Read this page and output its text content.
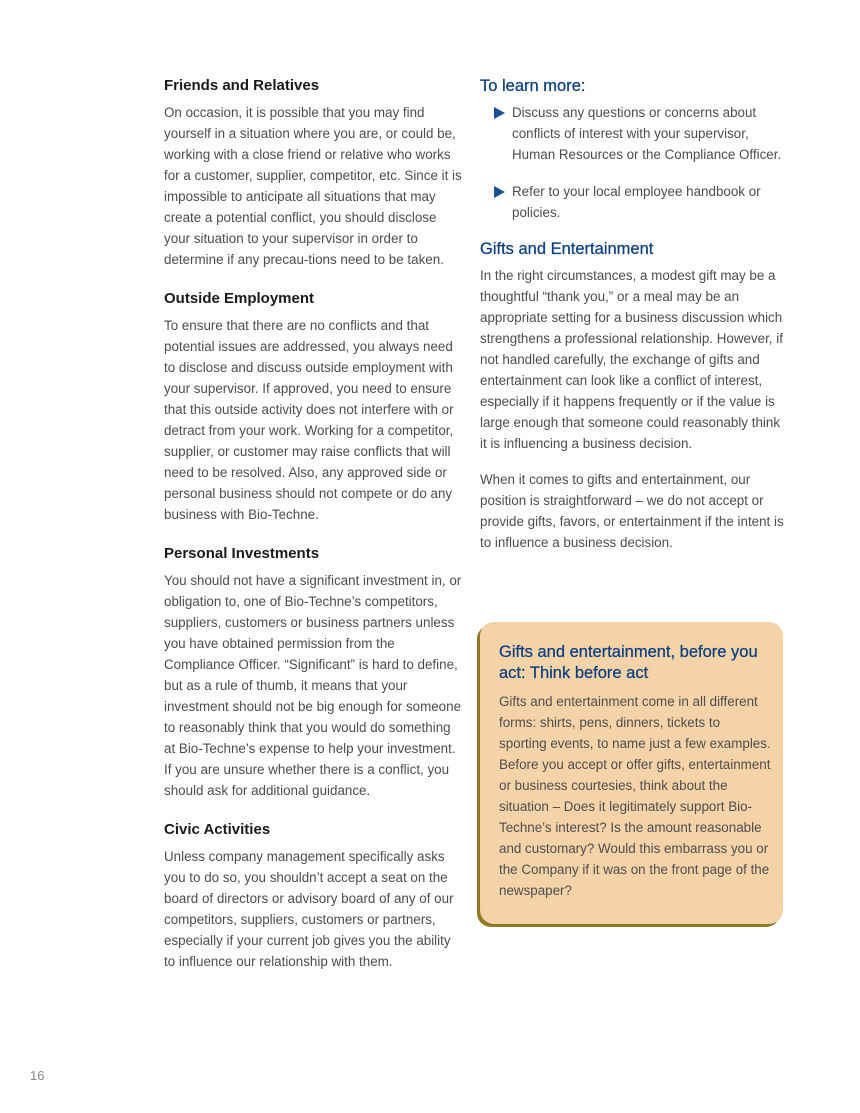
Friends and Relatives

On occasion, it is possible that you may find yourself in a situation where you are, or could be, working with a close friend or relative who works for a customer, supplier, competitor, etc. Since it is impossible to anticipate all situations that may create a potential conflict, you should disclose your situation to your supervisor in order to determine if any precau-tions need to be taken.

Outside Employment

To ensure that there are no conflicts and that potential issues are addressed, you always need to disclose and discuss outside employment with your supervisor. If approved, you need to ensure that this outside activity does not interfere with or detract from your work. Working for a competitor, supplier, or customer may raise conflicts that will need to be resolved. Also, any approved side or personal business should not compete or do any business with Bio-Techne.

Personal Investments

You should not have a significant investment in, or obligation to, one of Bio-Techne’s competitors, suppliers, customers or business partners unless you have obtained permission from the Compliance Officer. “Significant” is hard to define, but as a rule of thumb, it means that your investment should not be big enough for someone to reasonably think that you would do something at Bio-Techne’s expense to help your investment. If you are unsure whether there is a conflict, you should ask for additional guidance.

Civic Activities

Unless company management specifically asks you to do so, you shouldn’t accept a seat on the board of directors or advisory board of any of our competitors, suppliers, customers or partners, especially if your current job gives you the ability to influence our relationship with them.

To learn more:
Discuss any questions or concerns about conflicts of interest with your supervisor, Human Resources or the Compliance Officer.
Refer to your local employee handbook or policies.
Gifts and Entertainment

In the right circumstances, a modest gift may be a thoughtful “thank you,” or a meal may be an appropriate setting for a business discussion which strengthens a professional relationship. However, if not handled carefully, the exchange of gifts and entertainment can look like a conflict of interest, especially if it happens frequently or if the value is large enough that someone could reasonably think it is influencing a business decision.

When it comes to gifts and entertainment, our position is straightforward – we do not accept or provide gifts, favors, or entertainment if the intent is to influence a business decision.

Gifts and entertainment, before you act: Think before act

Gifts and entertainment come in all different forms: shirts, pens, dinners, tickets to sporting events, to name just a few examples. Before you accept or offer gifts, entertainment or business courtesies, think about the situation – Does it legitimately support Bio-Techne’s interest? Is the amount reasonable and customary? Would this embarrass you or the Company if it was on the front page of the newspaper?

16
